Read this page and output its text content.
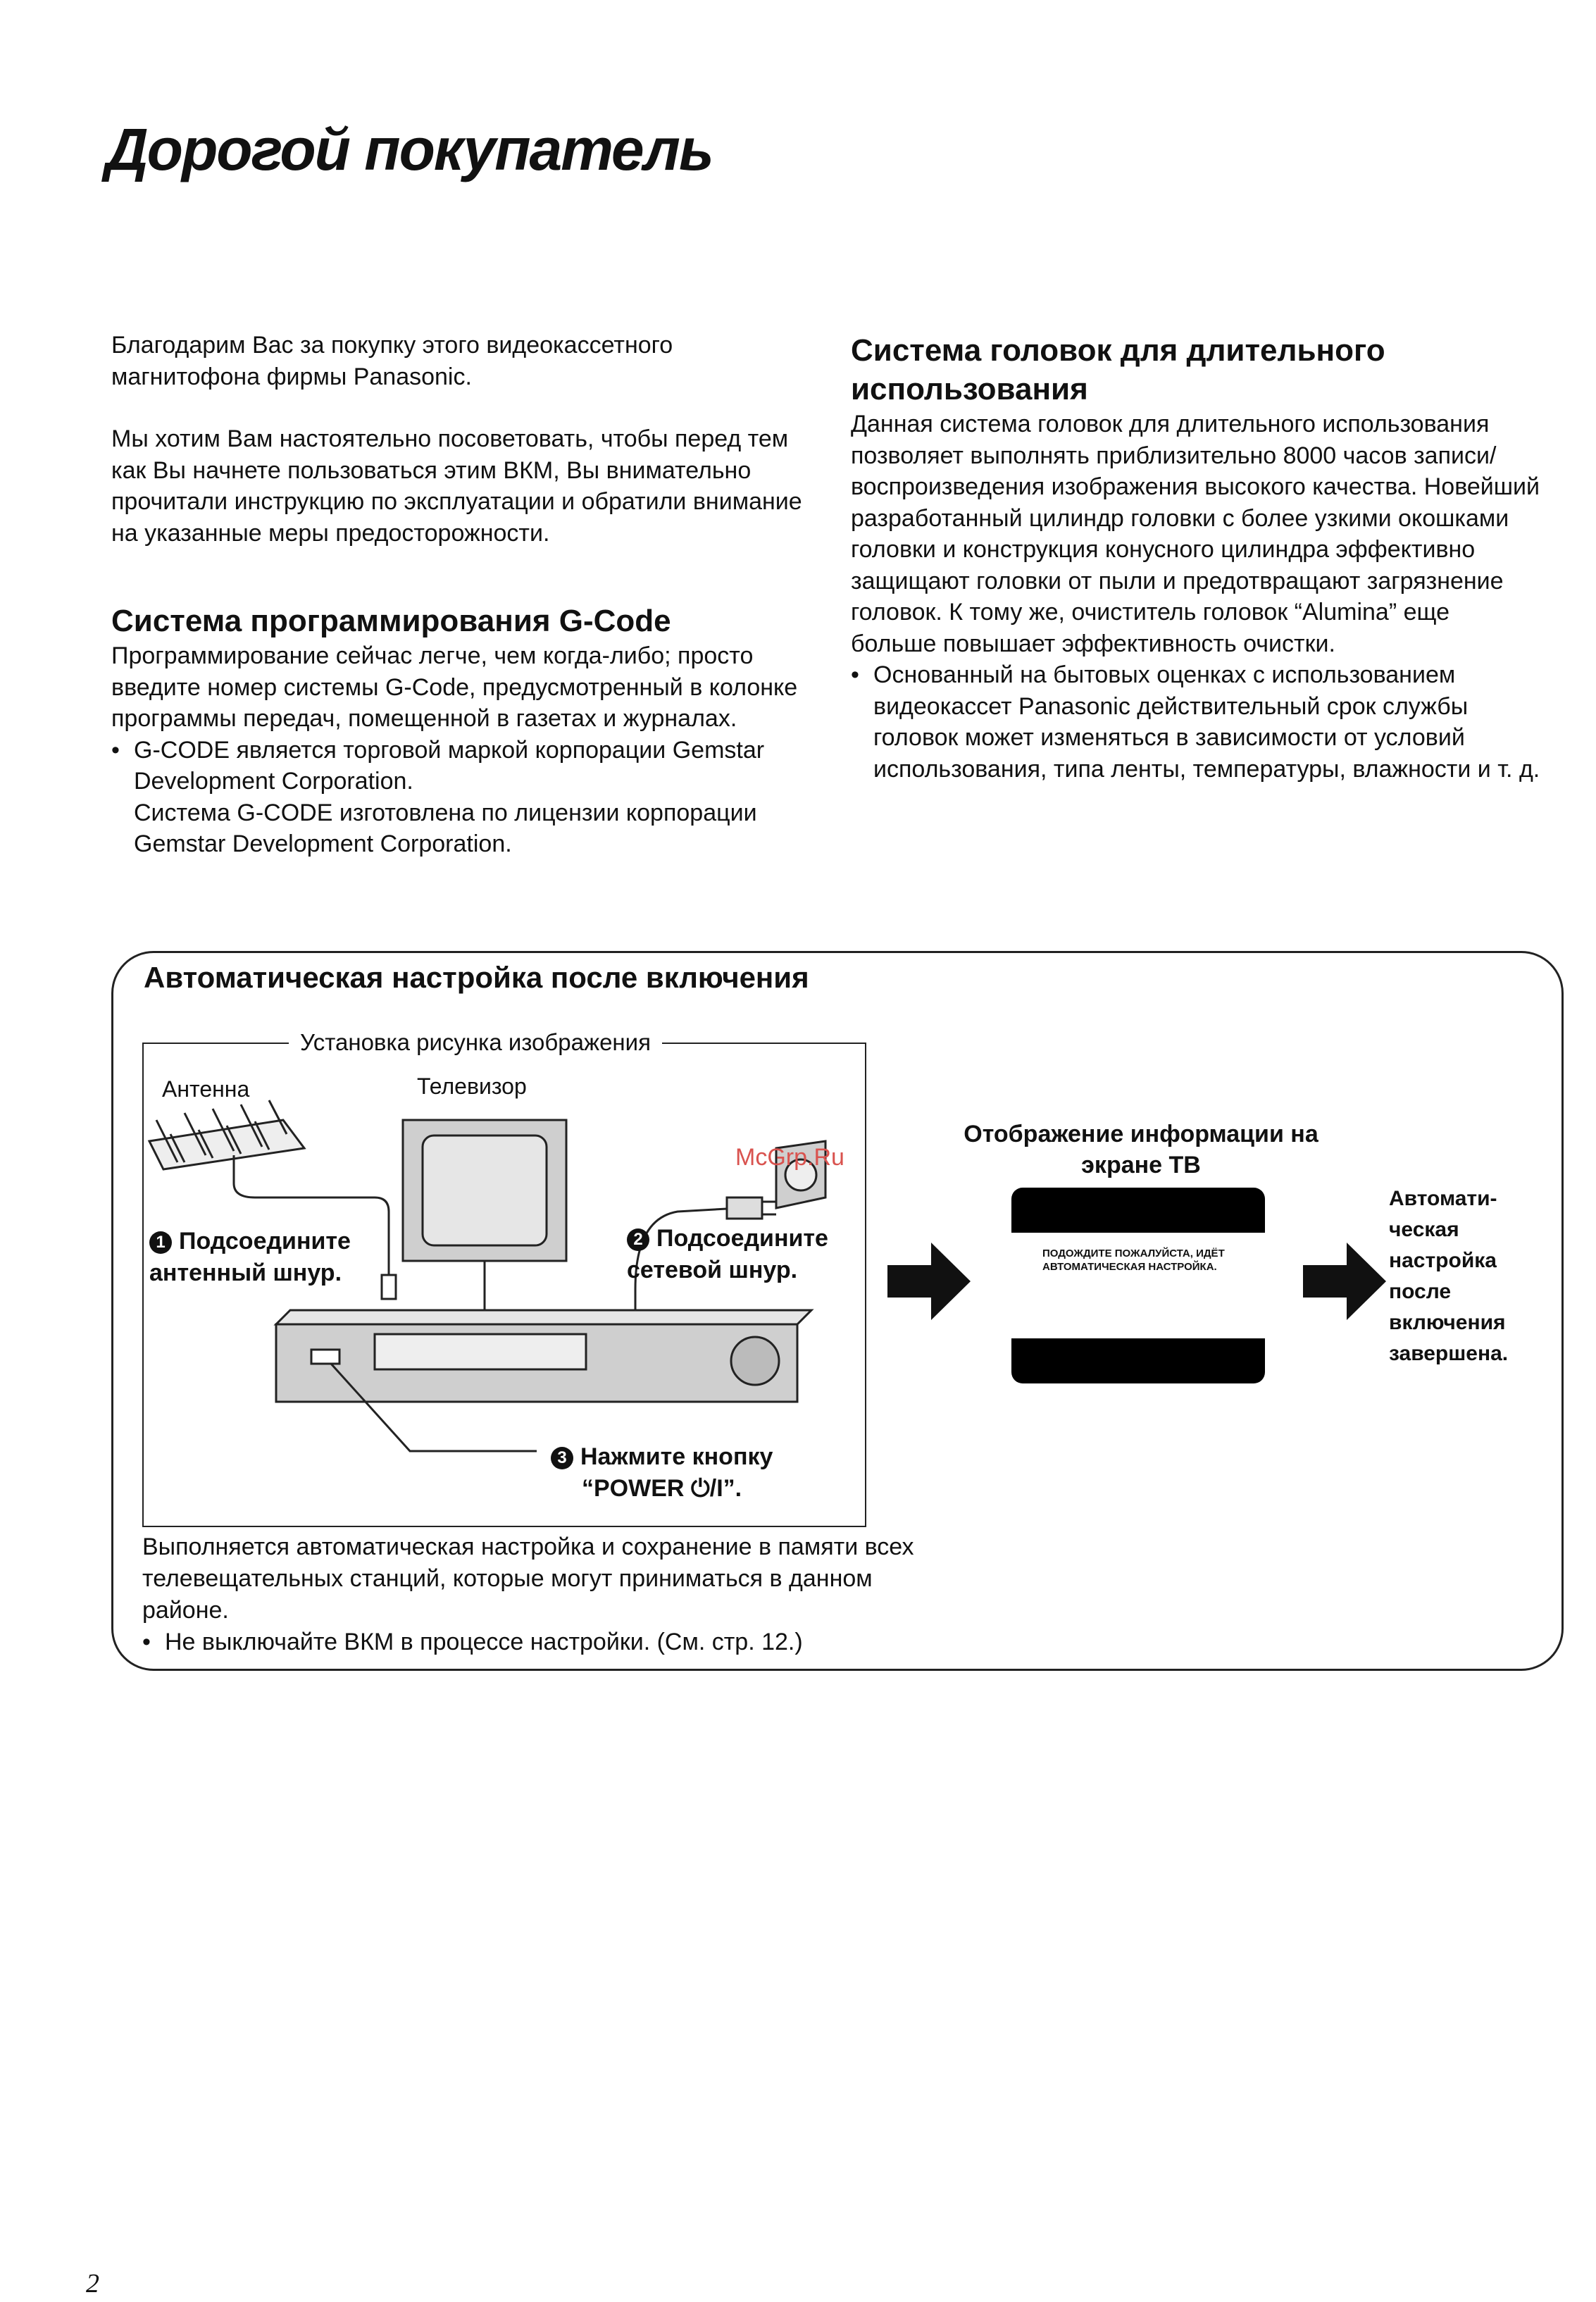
Дорогой покупатель

Благодарим Вас за покупку этого видеокассетного магнитофона фирмы Panasonic.

Мы хотим Вам настоятельно посоветовать, чтобы перед тем как Вы начнете пользоваться этим ВКМ, Вы внимательно прочитали инструкцию по эксплуатации и обратили внимание на указанные меры предосторожности.

Система программирования G-Code

Программирование сейчас легче, чем когда-либо; просто введите номер системы G-Code, предусмотренный в колонке программы передач, помещенной в газетах и журналах.

• G-CODE является торговой маркой корпорации Gemstar Development Corporation.
Система G-CODE изготовлена по лицензии корпорации Gemstar Development Corporation.

Система головок для длительного использования

Данная система головок для длительного использования позволяет выполнять приблизительно 8000 часов записи/воспроизведения изображения высокого качества. Новейший разработанный цилиндр головки с более узкими окошками головки и конструкция конусного цилиндра эффективно защищают головки от пыли и предотвращают загрязнение головок. К тому же, очиститель головок “Alumina” еще больше повышает эффективность очистки.

• Основанный на бытовых оценках с использованием видеокассет Panasonic действительный срок службы головок может изменяться в зависимости от условий использования, типа ленты, температуры, влажности и т. д.

Автоматическая настройка после включения
Установка рисунка изображения
Антенна	Телевизор
1 Подсоедините антенный шнур.
2 Подсоедините сетевой шнур.
3 Нажмите кнопку
“POWER ⏻/I”.
Отображение информации на экране ТВ
ПОДОЖДИТЕ ПОЖАЛУЙСТА, ИДЁТ АВТОМАТИЧЕСКАЯ НАСТРОЙКА.
CH 22	ПОИСК	- - - 21
КОНЕЦ: MENU
Автомати-ческая настройка после включения завершена.

Выполняется автоматическая настройка и сохранение в памяти всех телевещательных станций, которые могут приниматься в данном районе.

• Не выключайте ВКМ в процессе настройки. (См. стр. 12.)

McGrp.Ru
2
